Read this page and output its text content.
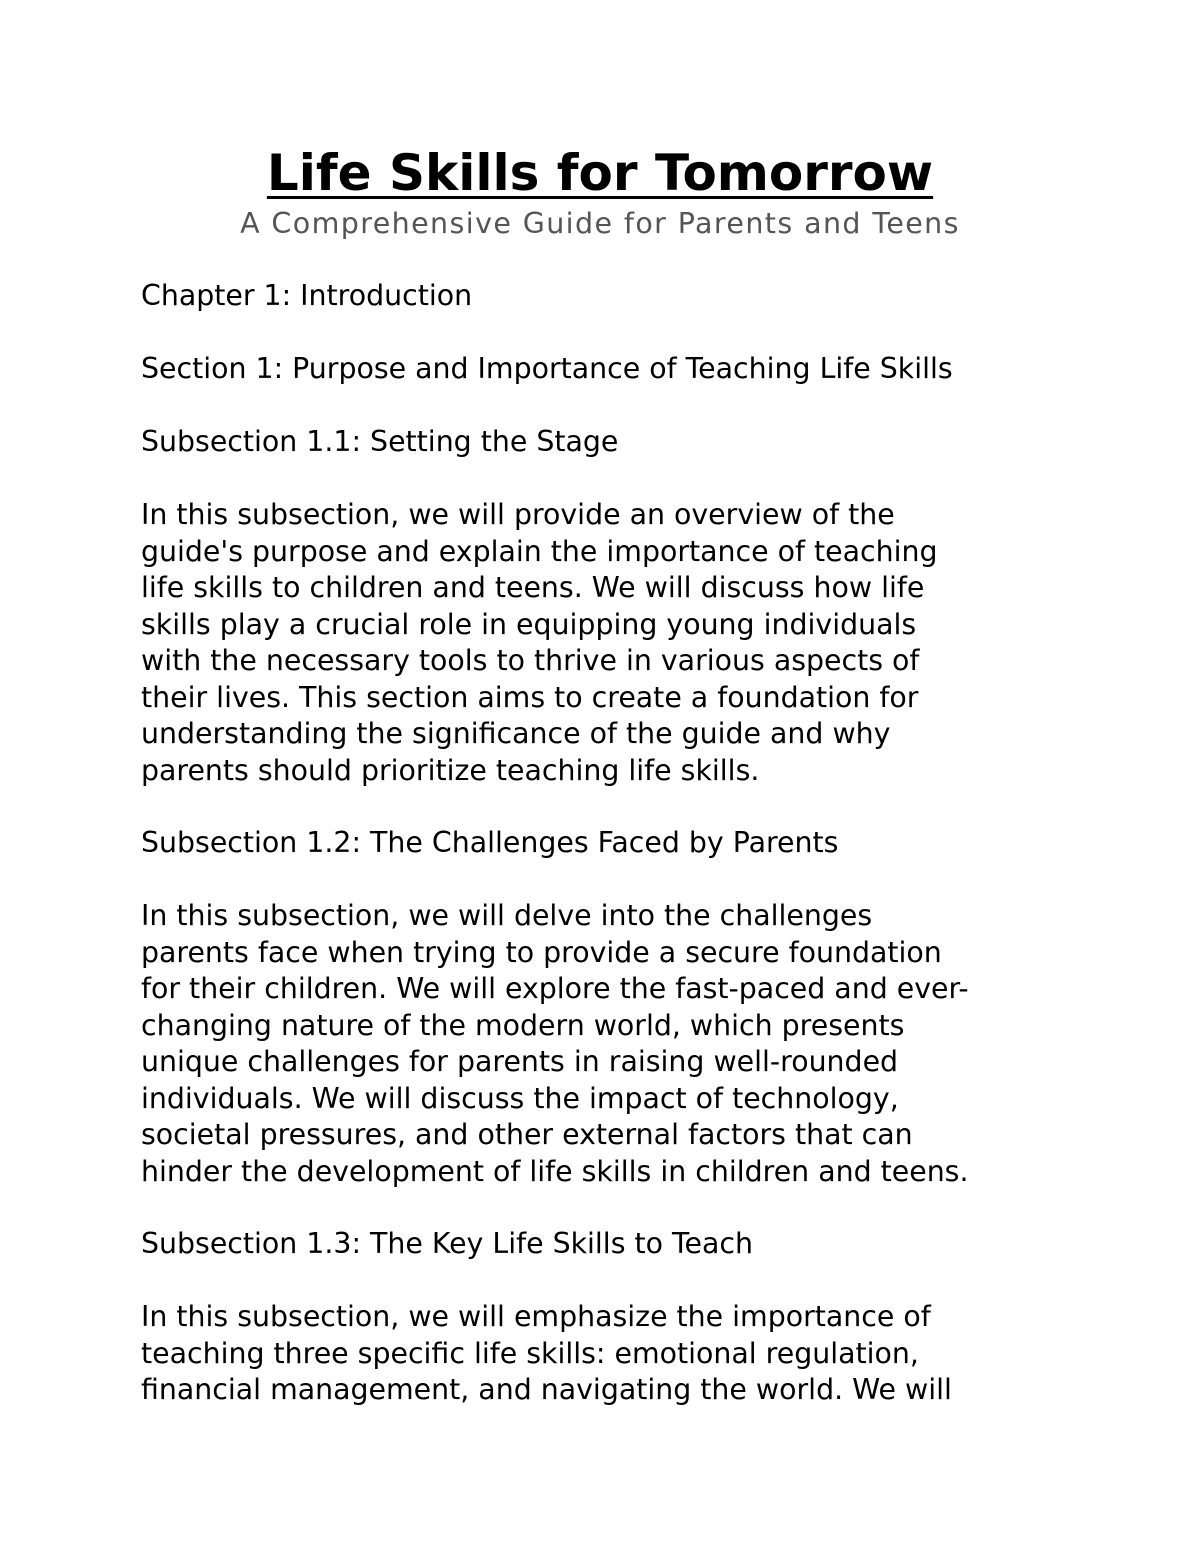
Life Skills for Tomorrow

A Comprehensive Guide for Parents and Teens

Chapter 1: Introduction

Section 1: Purpose and Importance of Teaching Life Skills

Subsection 1.1: Setting the Stage

In this subsection, we will provide an overview of the
guide's purpose and explain the importance of teaching
life skills to children and teens. We will discuss how life
skills play a crucial role in equipping young individuals
with the necessary tools to thrive in various aspects of
their lives. This section aims to create a foundation for
understanding the significance of the guide and why
parents should prioritize teaching life skills.

Subsection 1.2: The Challenges Faced by Parents

In this subsection, we will delve into the challenges
parents face when trying to provide a secure foundation
for their children. We will explore the fast-paced and ever-
changing nature of the modern world, which presents
unique challenges for parents in raising well-rounded
individuals. We will discuss the impact of technology,
societal pressures, and other external factors that can
hinder the development of life skills in children and teens.

Subsection 1.3: The Key Life Skills to Teach

In this subsection, we will emphasize the importance of
teaching three specific life skills: emotional regulation,
financial management, and navigating the world. We will
